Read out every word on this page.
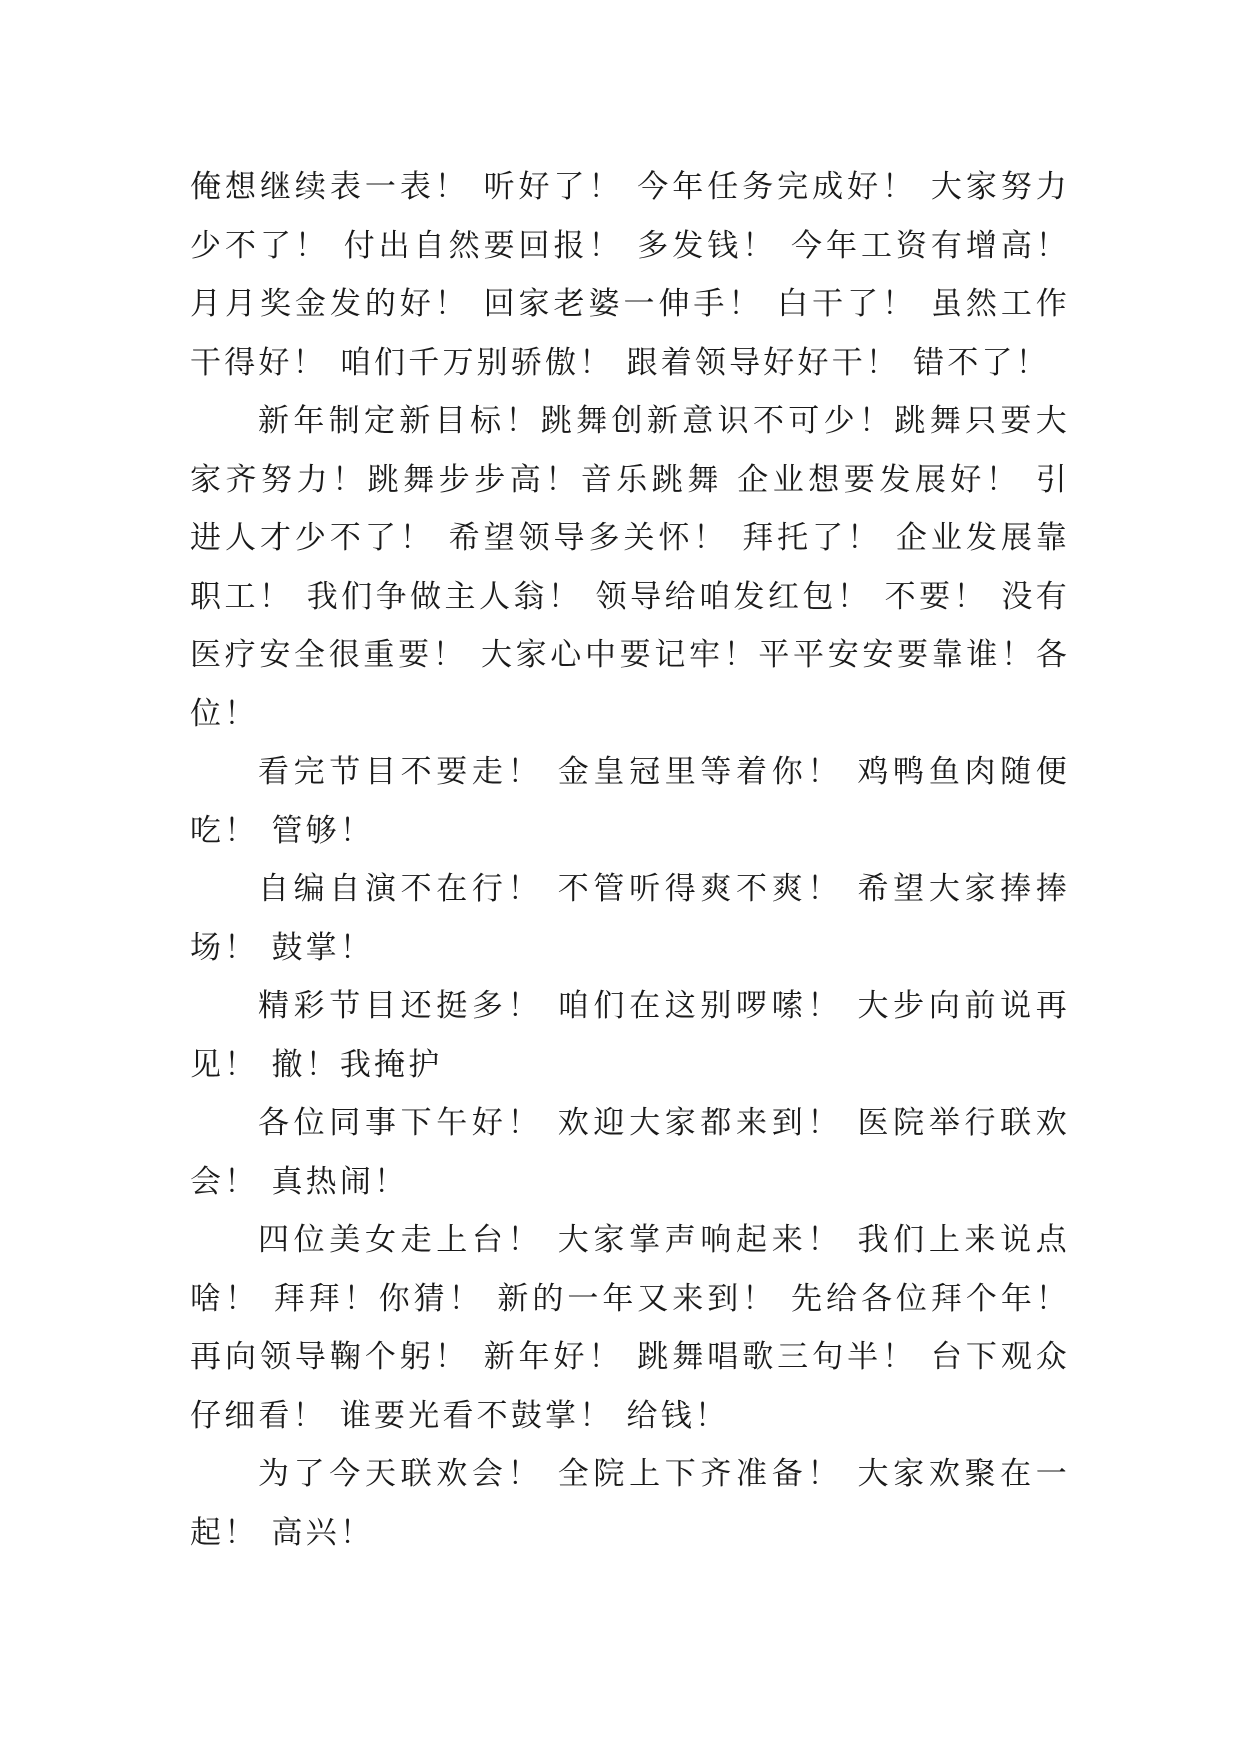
俺想继续表一表！ 听好了！ 今年任务完成好！ 大家努力少不了！ 付出自然要回报！ 多发钱！ 今年工资有增高！ 月月奖金发的好！ 回家老婆一伸手！ 白干了！ 虽然工作干得好！ 咱们千万别骄傲！ 跟着领导好好干！ 错不了！

新年制定新目标！跳舞创新意识不可少！跳舞只要大家齐努力！跳舞步步高！音乐跳舞 企业想要发展好！ 引进人才少不了！ 希望领导多关怀！ 拜托了！ 企业发展靠职工！ 我们争做主人翁！ 领导给咱发红包！ 不要！ 没有 医疗安全很重要！ 大家心中要记牢！平平安安要靠谁！各位！

看完节目不要走！ 金皇冠里等着你！ 鸡鸭鱼肉随便吃！ 管够！

自编自演不在行！ 不管听得爽不爽！ 希望大家捧捧场！ 鼓掌！

精彩节目还挺多！ 咱们在这别啰嗦！ 大步向前说再见！ 撤！我掩护

各位同事下午好！ 欢迎大家都来到！ 医院举行联欢会！ 真热闹！

四位美女走上台！ 大家掌声响起来！ 我们上来说点啥！ 拜拜！你猜！ 新的一年又来到！ 先给各位拜个年！ 再向领导鞠个躬！ 新年好！ 跳舞唱歌三句半！ 台下观众仔细看！ 谁要光看不鼓掌！ 给钱！

为了今天联欢会！ 全院上下齐准备！ 大家欢聚在一起！ 高兴！
